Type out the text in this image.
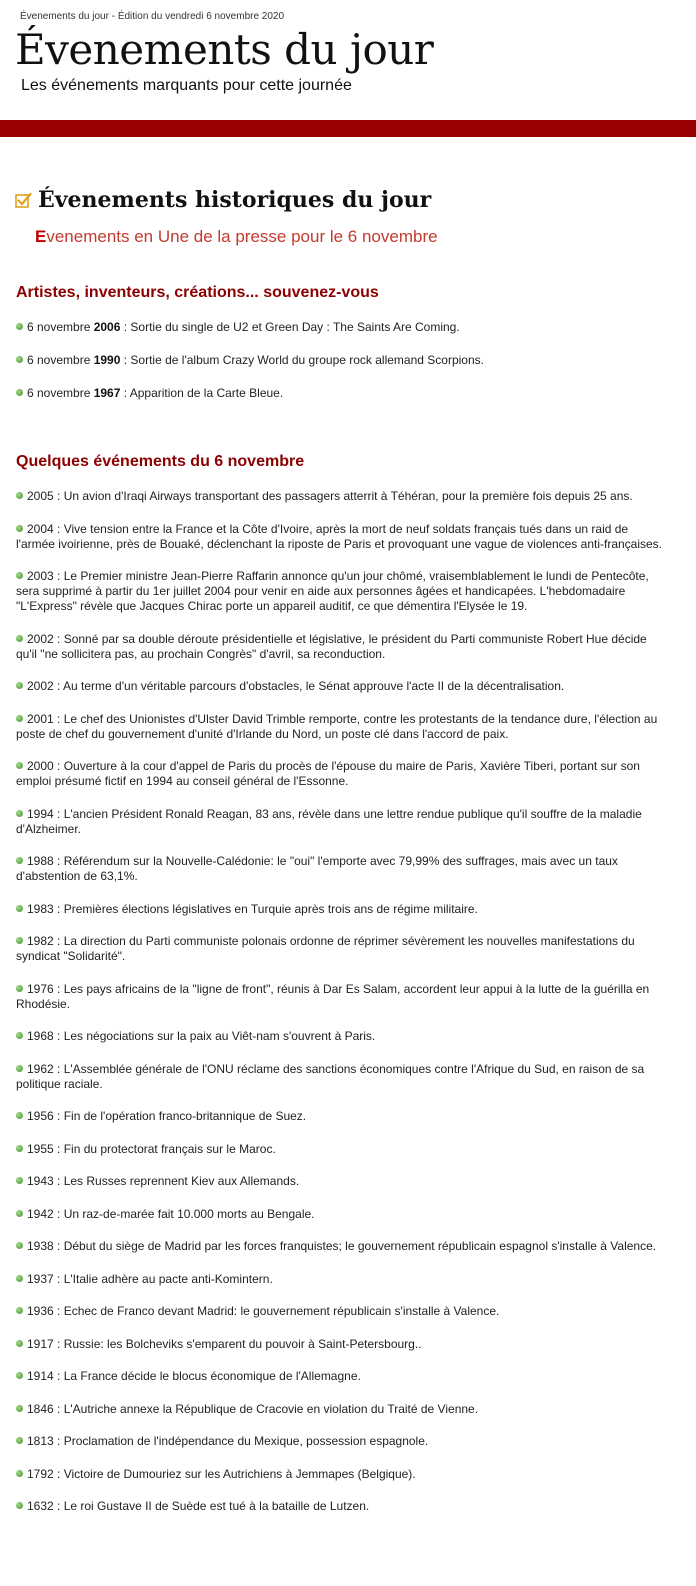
Évenements du jour - Édition du vendredi 6 novembre 2020
Évenements du jour
Les événements marquants pour cette journée
Évenements historiques du jour
Evenements en Une de la presse pour le 6 novembre
Artistes, inventeurs, créations... souvenez-vous
6 novembre 2006 : Sortie du single de U2 et Green Day : The Saints Are Coming.
6 novembre 1990 : Sortie de l'album Crazy World du groupe rock allemand Scorpions.
6 novembre 1967 : Apparition de la Carte Bleue.
Quelques événements du 6 novembre
2005 : Un avion d'Iraqi Airways transportant des passagers atterrit à Téhéran, pour la première fois depuis 25 ans.
2004 : Vive tension entre la France et la Côte d'Ivoire, après la mort de neuf soldats français tués dans un raid de l'armée ivoirienne, près de Bouaké, déclenchant la riposte de Paris et provoquant une vague de violences anti-françaises.
2003 : Le Premier ministre Jean-Pierre Raffarin annonce qu'un jour chômé, vraisemblablement le lundi de Pentecôte, sera supprimé à partir du 1er juillet 2004 pour venir en aide aux personnes âgées et handicapées. L'hebdomadaire "L'Express" révèle que Jacques Chirac porte un appareil auditif, ce que démentira l'Elysée le 19.
2002 : Sonné par sa double déroute présidentielle et législative, le président du Parti communiste Robert Hue décide qu'il "ne sollicitera pas, au prochain Congrès" d'avril, sa reconduction.
2002 : Au terme d'un véritable parcours d'obstacles, le Sénat approuve l'acte II de la décentralisation.
2001 : Le chef des Unionistes d'Ulster David Trimble remporte, contre les protestants de la tendance dure, l'élection au poste de chef du gouvernement d'unité d'Irlande du Nord, un poste clé dans l'accord de paix.
2000 : Ouverture à la cour d'appel de Paris du procès de l'épouse du maire de Paris, Xavière Tiberi, portant sur son emploi présumé fictif en 1994 au conseil général de l'Essonne.
1994 : L'ancien Président Ronald Reagan, 83 ans, révèle dans une lettre rendue publique qu'il souffre de la maladie d'Alzheimer.
1988 : Référendum sur la Nouvelle-Calédonie: le "oui" l'emporte avec 79,99% des suffrages, mais avec un taux d'abstention de 63,1%.
1983 : Premières élections législatives en Turquie après trois ans de régime militaire.
1982 : La direction du Parti communiste polonais ordonne de réprimer sévèrement les nouvelles manifestations du syndicat "Solidarité".
1976 : Les pays africains de la "ligne de front", réunis à Dar Es Salam, accordent leur appui à la lutte de la guérilla en Rhodésie.
1968 : Les négociations sur la paix au Viêt-nam s'ouvrent à Paris.
1962 : L'Assemblée générale de l'ONU réclame des sanctions économiques contre l'Afrique du Sud, en raison de sa politique raciale.
1956 : Fin de l'opération franco-britannique de Suez.
1955 : Fin du protectorat français sur le Maroc.
1943 : Les Russes reprennent Kiev aux Allemands.
1942 : Un raz-de-marée fait 10.000 morts au Bengale.
1938 : Début du siège de Madrid par les forces franquistes; le gouvernement républicain espagnol s'installe à Valence.
1937 : L'Italie adhère au pacte anti-Komintern.
1936 : Echec de Franco devant Madrid: le gouvernement républicain s'installe à Valence.
1917 : Russie: les Bolcheviks s'emparent du pouvoir à Saint-Petersbourg..
1914 : La France décide le blocus économique de l'Allemagne.
1846 : L'Autriche annexe la République de Cracovie en violation du Traité de Vienne.
1813 : Proclamation de l'indépendance du Mexique, possession espagnole.
1792 : Victoire de Dumouriez sur les Autrichiens à Jemmapes (Belgique).
1632 : Le roi Gustave II de Suède est tué à la bataille de Lutzen.
